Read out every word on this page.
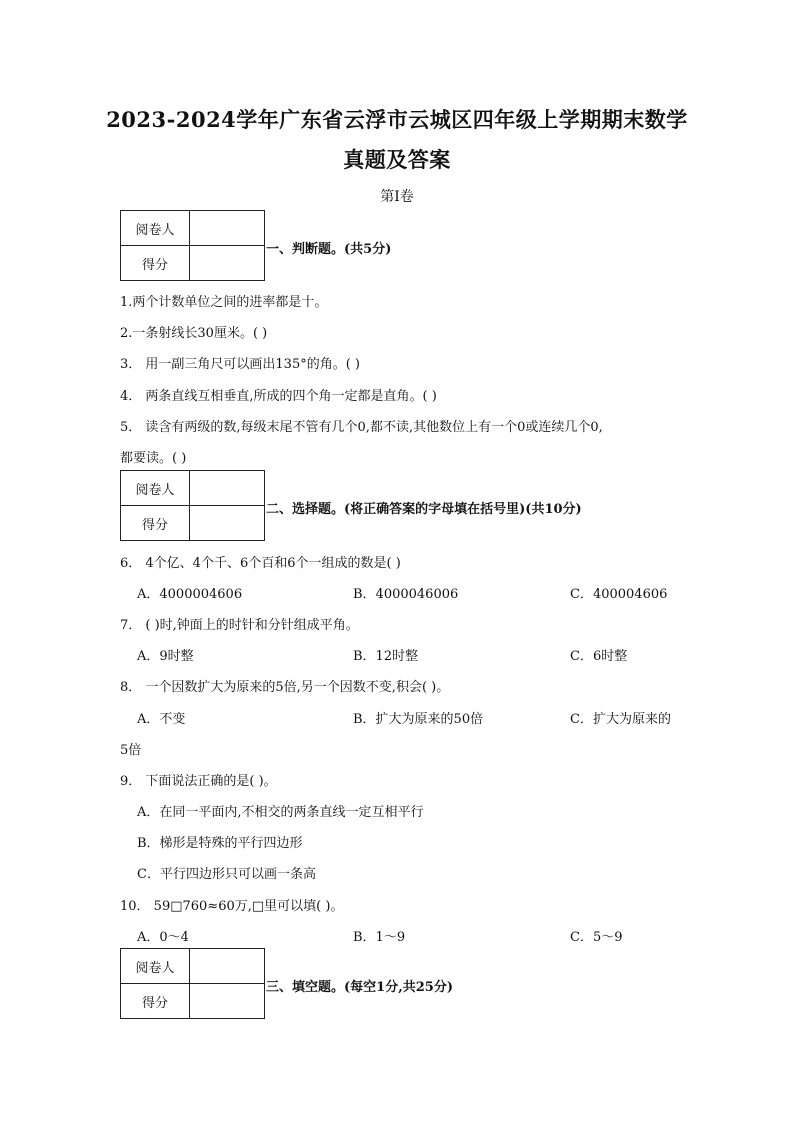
2023-2024学年广东省云浮市云城区四年级上学期期末数学
真题及答案
第Ⅰ卷
阅卷人	
得分	
一、判断题。(共5分)
1.两个计数单位之间的进率都是十。
2.一条射线长30厘米。( )
3． 用一副三角尺可以画出135°的角。( )
4． 两条直线互相垂直,所成的四个角一定都是直角。( )
5． 读含有两级的数,每级末尾不管有几个0,都不读,其他数位上有一个0或连续几个0,
都要读。( )
阅卷人	
得分	
二、选择题。(将正确答案的字母填在括号里)(共10分)
6． 4个亿、4个千、6个百和6个一组成的数是( )
A．4000004606	B．4000046006	C．400004606
7． ( )时,钟面上的时针和分针组成平角。
A．9时整	B．12时整	C．6时整
8． 一个因数扩大为原来的5倍,另一个因数不变,积会( )。
A．不变	B．扩大为原来的50倍	C．扩大为原来的
5倍
9． 下面说法正确的是( )。
A．在同一平面内,不相交的两条直线一定互相平行
B．梯形是特殊的平行四边形
C．平行四边形只可以画一条高
10． 59□760≈60万,□里可以填( )。
A．0～4	B．1～9	C．5～9
阅卷人	
得分	
三、填空题。(每空1分,共25分)
